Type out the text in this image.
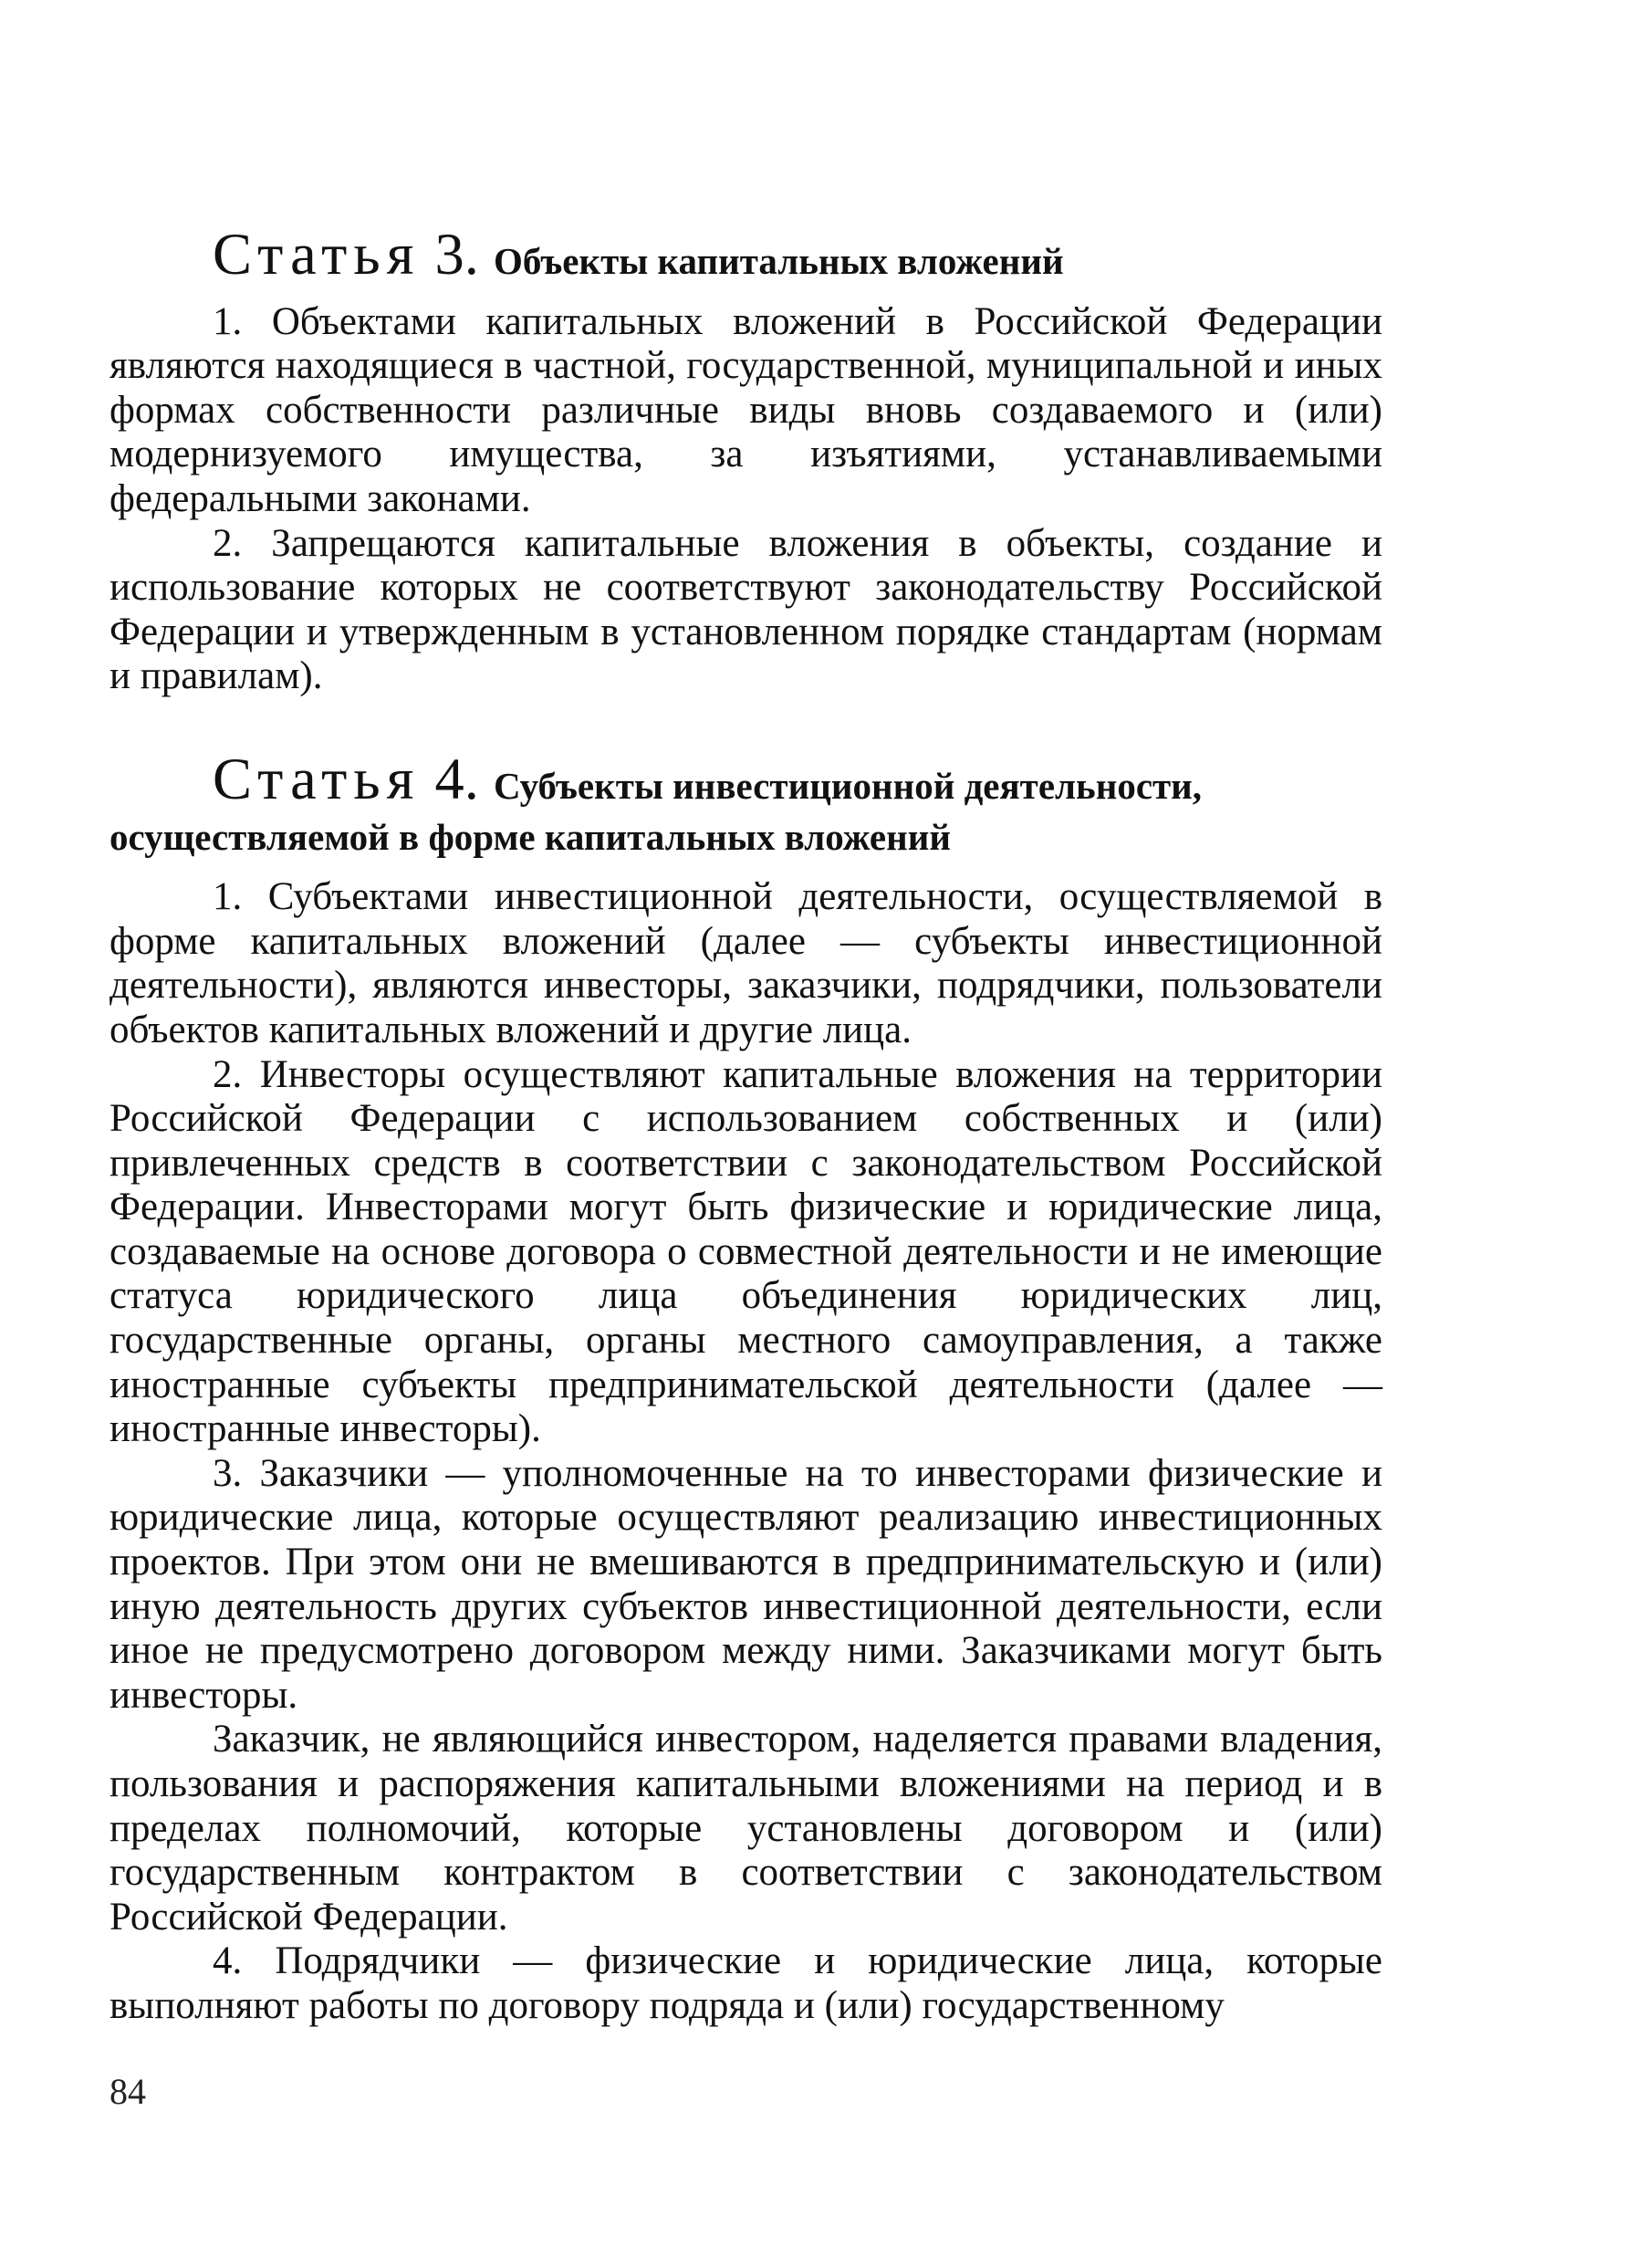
Статья 3. Объекты капитальных вложений

1. Объектами капитальных вложений в Российской Федерации являются находящиеся в частной, государственной, муниципальной и иных формах собственности различные виды вновь создаваемого и (или) модернизуемого имущества, за изъятиями, устанавливаемыми федеральными законами.

2. Запрещаются капитальные вложения в объекты, создание и использование которых не соответствуют законодательству Российской Федерации и утвержденным в установленном порядке стандартам (нормам и правилам).

Статья 4. Субъекты инвестиционной деятельности, осуществляемой в форме капитальных вложений

1. Субъектами инвестиционной деятельности, осуществляемой в форме капитальных вложений (далее — субъекты инвестиционной деятельности), являются инвесторы, заказчики, подрядчики, пользователи объектов капитальных вложений и другие лица.

2. Инвесторы осуществляют капитальные вложения на территории Российской Федерации с использованием собственных и (или) привлеченных средств в соответствии с законодательством Российской Федерации. Инвесторами могут быть физические и юридические лица, создаваемые на основе договора о совместной деятельности и не имеющие статуса юридического лица объединения юридических лиц, государственные органы, органы местного самоуправления, а также иностранные субъекты предпринимательской деятельности (далее — иностранные инвесторы).

3. Заказчики — уполномоченные на то инвесторами физические и юридические лица, которые осуществляют реализацию инвестиционных проектов. При этом они не вмешиваются в предпринимательскую и (или) иную деятельность других субъектов инвестиционной деятельности, если иное не предусмотрено договором между ними. Заказчиками могут быть инвесторы.

Заказчик, не являющийся инвестором, наделяется правами владения, пользования и распоряжения капитальными вложениями на период и в пределах полномочий, которые установлены договором и (или) государственным контрактом в соответствии с законодательством Российской Федерации.

4. Подрядчики — физические и юридические лица, которые выполняют работы по договору подряда и (или) государственному

84
